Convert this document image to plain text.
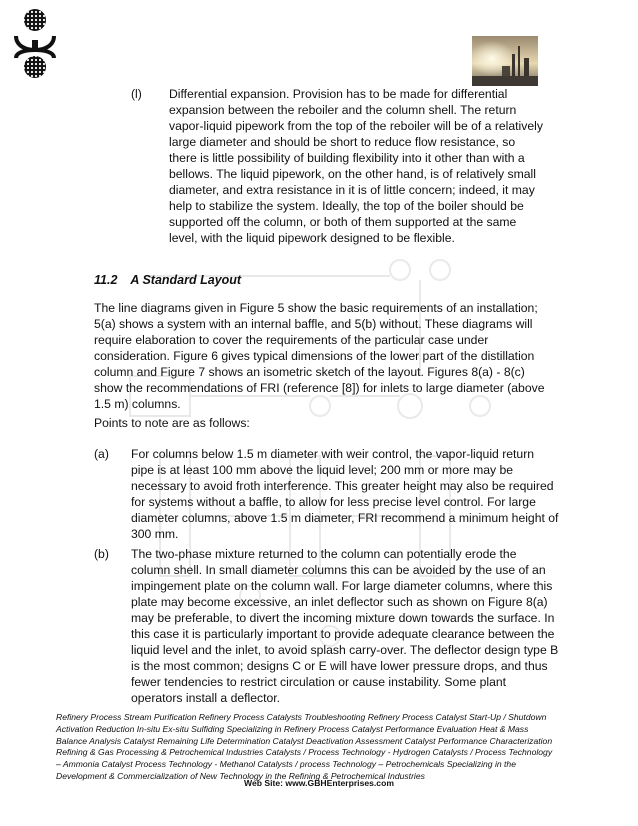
(l) Differential expansion. Provision has to be made for differential expansion between the reboiler and the column shell. The return vapor-liquid pipework from the top of the reboiler will be of a relatively large diameter and should be short to reduce flow resistance, so there is little possibility of building flexibility into it other than with a bellows. The liquid pipework, on the other hand, is of relatively small diameter, and extra resistance in it is of little concern; indeed, it may help to stabilize the system. Ideally, the top of the boiler should be supported off the column, or both of them supported at the same level, with the liquid pipework designed to be flexible.

11.2 A Standard Layout

The line diagrams given in Figure 5 show the basic requirements of an installation; 5(a) shows a system with an internal baffle, and 5(b) without. These diagrams will require elaboration to cover the requirements of the particular case under consideration. Figure 6 gives typical dimensions of the lower part of the distillation column and Figure 7 shows an isometric sketch of the layout. Figures 8(a) - 8(c) show the recommendations of FRI (reference [8]) for inlets to large diameter (above 1.5 m) columns.

Points to note are as follows:

(a) For columns below 1.5 m diameter with weir control, the vapor-liquid return pipe is at least 100 mm above the liquid level; 200 mm or more may be necessary to avoid froth interference. This greater height may also be required for systems without a baffle, to allow for less precise level control. For large diameter columns, above 1.5 m diameter, FRI recommend a minimum height of 300 mm.

(b) The two-phase mixture returned to the column can potentially erode the column shell. In small diameter columns this can be avoided by the use of an impingement plate on the column wall. For large diameter columns, where this plate may become excessive, an inlet deflector such as shown on Figure 8(a) may be preferable, to divert the incoming mixture down towards the surface. In this case it is particularly important to provide adequate clearance between the liquid level and the inlet, to avoid splash carry-over. The deflector design type B is the most common; designs C or E will have lower pressure drops, and thus fewer tendencies to restrict circulation or cause instability. Some plant operators install a deflector.

Refinery Process Stream Purification Refinery Process Catalysts Troubleshooting Refinery Process Catalyst Start-Up / Shutdown Activation Reduction In-situ Ex-situ Sulfiding Specializing in Refinery Process Catalyst Performance Evaluation Heat & Mass Balance Analysis Catalyst Remaining Life Determination Catalyst Deactivation Assessment Catalyst Performance Characterization Refining & Gas Processing & Petrochemical Industries Catalysts / Process Technology - Hydrogen Catalysts / Process Technology – Ammonia Catalyst Process Technology - Methanol Catalysts / process Technology – Petrochemicals Specializing in the Development & Commercialization of New Technology in the Refining & Petrochemical Industries
Web Site: www.GBHEnterprises.com
